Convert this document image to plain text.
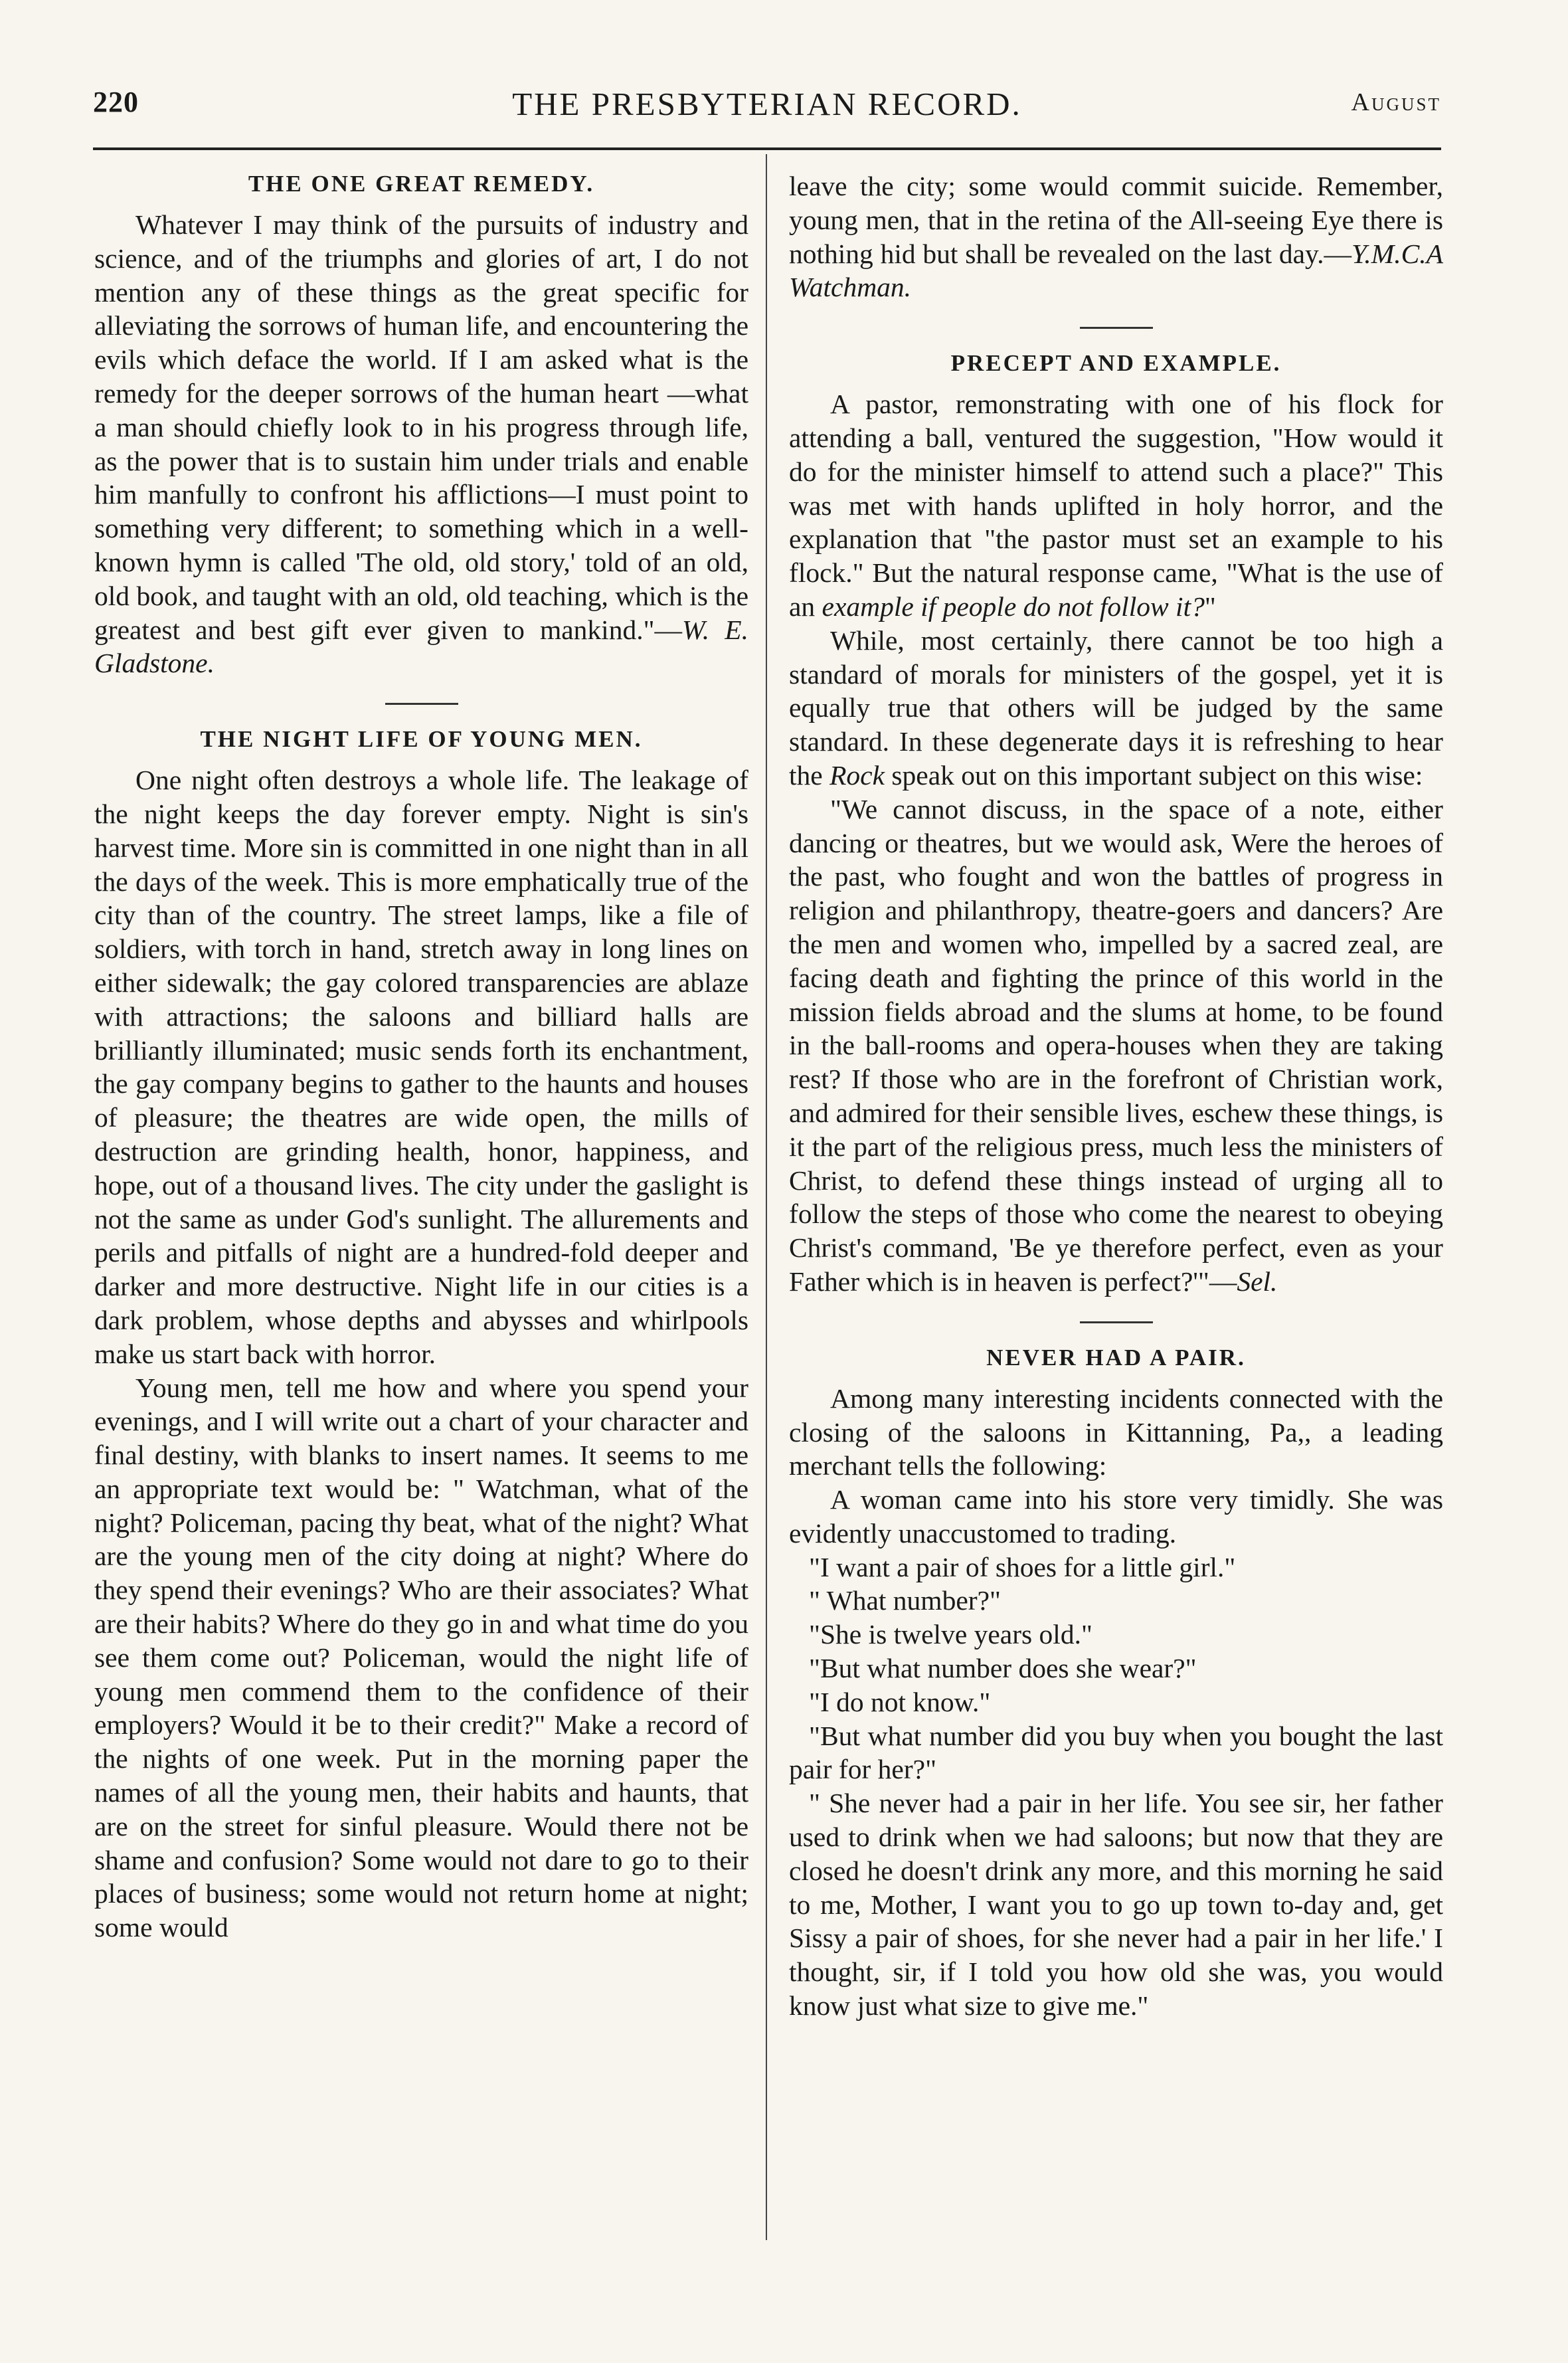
220	THE PRESBYTERIAN RECORD.	August
THE ONE GREAT REMEDY.

Whatever I may think of the pursuits of industry and science, and of the triumphs and glories of art, I do not mention any of these things as the great specific for alleviating the sorrows of human life, and encountering the evils which deface the world. If I am asked what is the remedy for the deeper sorrows of the human heart —what a man should chiefly look to in his progress through life, as the power that is to sustain him under trials and enable him manfully to confront his afflictions—I must point to something very different; to something which in a well-known hymn is called 'The old, old story,' told of an old, old book, and taught with an old, old teaching, which is the greatest and best gift ever given to mankind."—W. E. Gladstone.

THE NIGHT LIFE OF YOUNG MEN.

One night often destroys a whole life. The leakage of the night keeps the day forever empty. Night is sin's harvest time. More sin is committed in one night than in all the days of the week. This is more emphatically true of the city than of the country. The street lamps, like a file of soldiers, with torch in hand, stretch away in long lines on either sidewalk; the gay colored transparencies are ablaze with attractions; the saloons and billiard halls are brilliantly illuminated; music sends forth its enchantment, the gay company begins to gather to the haunts and houses of pleasure; the theatres are wide open, the mills of destruction are grinding health, honor, happiness, and hope, out of a thousand lives. The city under the gaslight is not the same as under God's sunlight. The allurements and perils and pitfalls of night are a hundred-fold deeper and darker and more destructive. Night life in our cities is a dark problem, whose depths and abysses and whirlpools make us start back with horror.

Young men, tell me how and where you spend your evenings, and I will write out a chart of your character and final destiny, with blanks to insert names. It seems to me an appropriate text would be: " Watchman, what of the night? Policeman, pacing thy beat, what of the night? What are the young men of the city doing at night? Where do they spend their evenings? Who are their associates? What are their habits? Where do they go in and what time do you see them come out? Policeman, would the night life of young men commend them to the confidence of their employers? Would it be to their credit?" Make a record of the nights of one week. Put in the morning paper the names of all the young men, their habits and haunts, that are on the street for sinful pleasure. Would there not be shame and confusion? Some would not dare to go to their places of business; some would not return home at night; some would

leave the city; some would commit suicide. Remember, young men, that in the retina of the All-seeing Eye there is nothing hid but shall be revealed on the last day.—Y.M.C.A Watchman.

PRECEPT AND EXAMPLE.

A pastor, remonstrating with one of his flock for attending a ball, ventured the suggestion, "How would it do for the minister himself to attend such a place?" This was met with hands uplifted in holy horror, and the explanation that "the pastor must set an example to his flock." But the natural response came, "What is the use of an example if people do not follow it?"

While, most certainly, there cannot be too high a standard of morals for ministers of the gospel, yet it is equally true that others will be judged by the same standard. In these degenerate days it is refreshing to hear the Rock speak out on this important subject on this wise:

"We cannot discuss, in the space of a note, either dancing or theatres, but we would ask, Were the heroes of the past, who fought and won the battles of progress in religion and philanthropy, theatre-goers and dancers? Are the men and women who, impelled by a sacred zeal, are facing death and fighting the prince of this world in the mission fields abroad and the slums at home, to be found in the ball-rooms and opera-houses when they are taking rest? If those who are in the forefront of Christian work, and admired for their sensible lives, eschew these things, is it the part of the religious press, much less the ministers of Christ, to defend these things instead of urging all to follow the steps of those who come the nearest to obeying Christ's command, 'Be ye therefore perfect, even as your Father which is in heaven is perfect?'"—Sel.

NEVER HAD A PAIR.

Among many interesting incidents connected with the closing of the saloons in Kittanning, Pa,, a leading merchant tells the following:

A woman came into his store very timidly. She was evidently unaccustomed to trading.

"I want a pair of shoes for a little girl."

" What number?"

"She is twelve years old."

"But what number does she wear?"

"I do not know."

"But what number did you buy when you bought the last pair for her?"

" She never had a pair in her life. You see sir, her father used to drink when we had saloons; but now that they are closed he doesn't drink any more, and this morning he said to me, Mother, I want you to go up town to-day and, get Sissy a pair of shoes, for she never had a pair in her life.' I thought, sir, if I told you how old she was, you would know just what size to give me."
